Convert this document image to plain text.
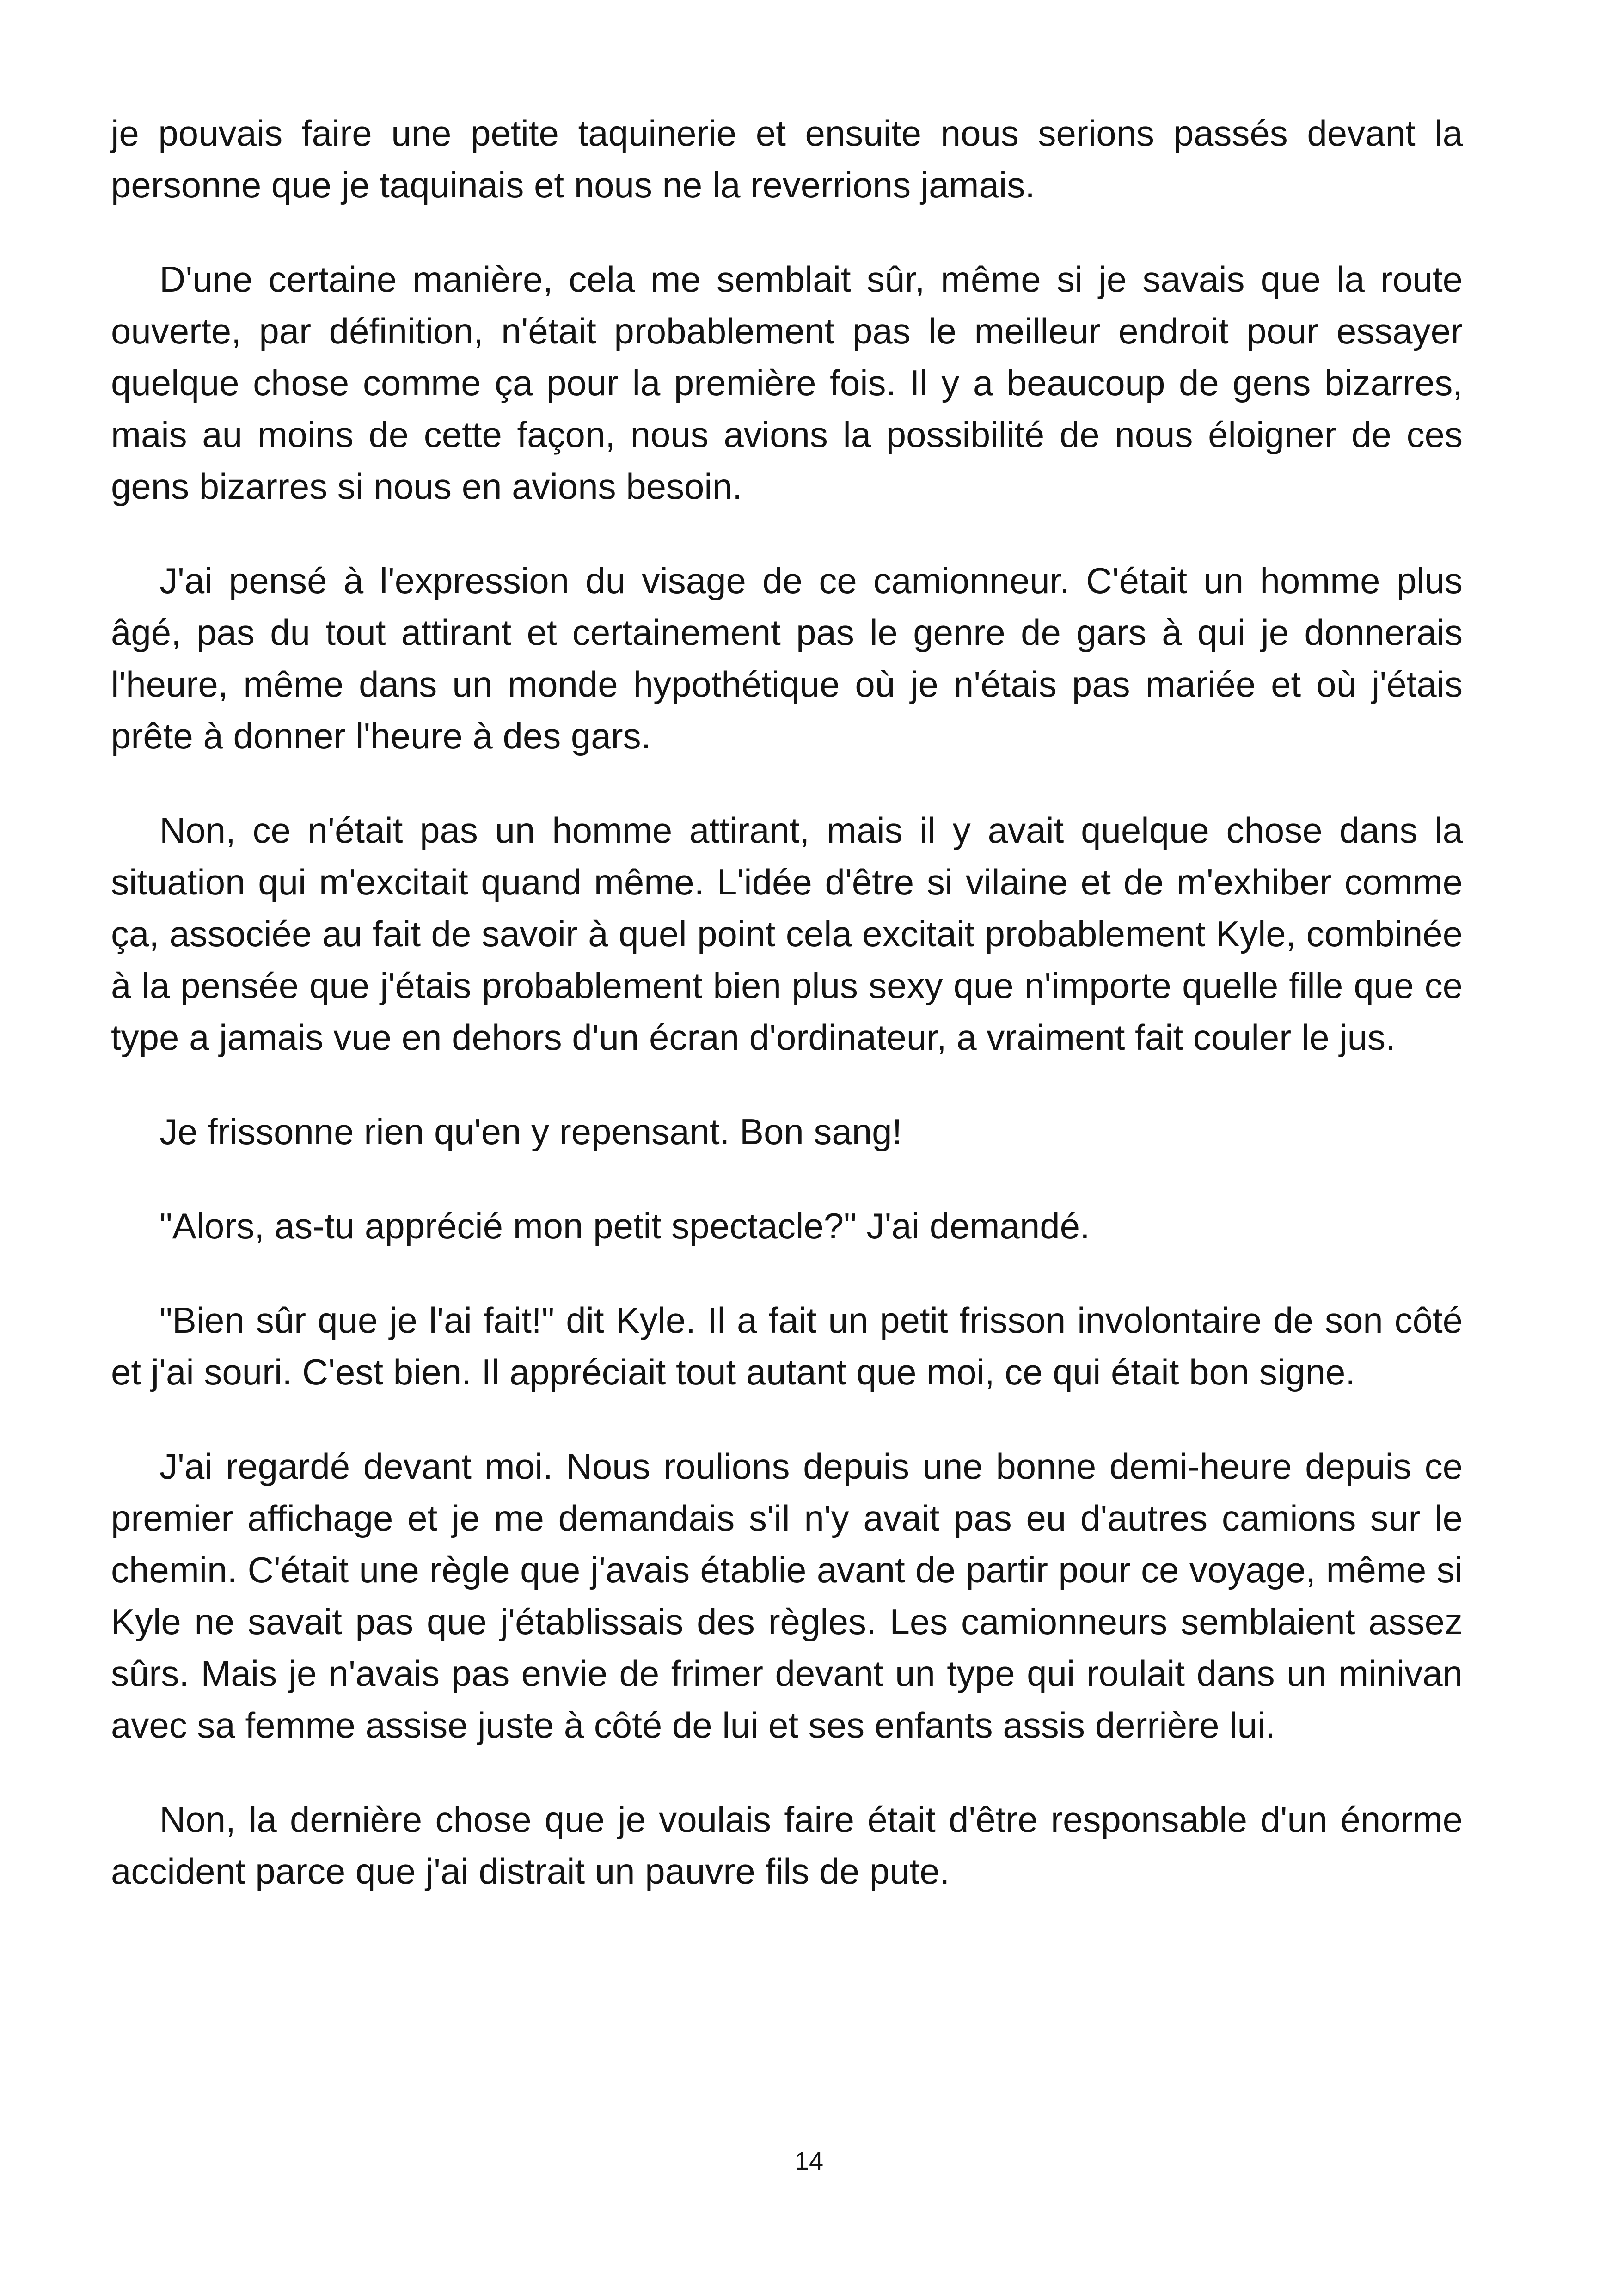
je pouvais faire une petite taquinerie et ensuite nous serions passés devant la personne que je taquinais et nous ne la reverrions jamais.

D'une certaine manière, cela me semblait sûr, même si je savais que la route ouverte, par définition, n'était probablement pas le meilleur endroit pour essayer quelque chose comme ça pour la première fois. Il y a beaucoup de gens bizarres, mais au moins de cette façon, nous avions la possibilité de nous éloigner de ces gens bizarres si nous en avions besoin.

J'ai pensé à l'expression du visage de ce camionneur. C'était un homme plus âgé, pas du tout attirant et certainement pas le genre de gars à qui je donnerais l'heure, même dans un monde hypothétique où je n'étais pas mariée et où j'étais prête à donner l'heure à des gars.

Non, ce n'était pas un homme attirant, mais il y avait quelque chose dans la situation qui m'excitait quand même. L'idée d'être si vilaine et de m'exhiber comme ça, associée au fait de savoir à quel point cela excitait probablement Kyle, combinée à la pensée que j'étais probablement bien plus sexy que n'importe quelle fille que ce type a jamais vue en dehors d'un écran d'ordinateur, a vraiment fait couler le jus.

Je frissonne rien qu'en y repensant. Bon sang!

"Alors, as-tu apprécié mon petit spectacle?" J'ai demandé.

"Bien sûr que je l'ai fait!" dit Kyle. Il a fait un petit frisson involontaire de son côté et j'ai souri. C'est bien. Il appréciait tout autant que moi, ce qui était bon signe.

J'ai regardé devant moi. Nous roulions depuis une bonne demi-heure depuis ce premier affichage et je me demandais s'il n'y avait pas eu d'autres camions sur le chemin. C'était une règle que j'avais établie avant de partir pour ce voyage, même si Kyle ne savait pas que j'établissais des règles. Les camionneurs semblaient assez sûrs. Mais je n'avais pas envie de frimer devant un type qui roulait dans un minivan avec sa femme assise juste à côté de lui et ses enfants assis derrière lui.

Non, la dernière chose que je voulais faire était d'être responsable d'un énorme accident parce que j'ai distrait un pauvre fils de pute.

14
